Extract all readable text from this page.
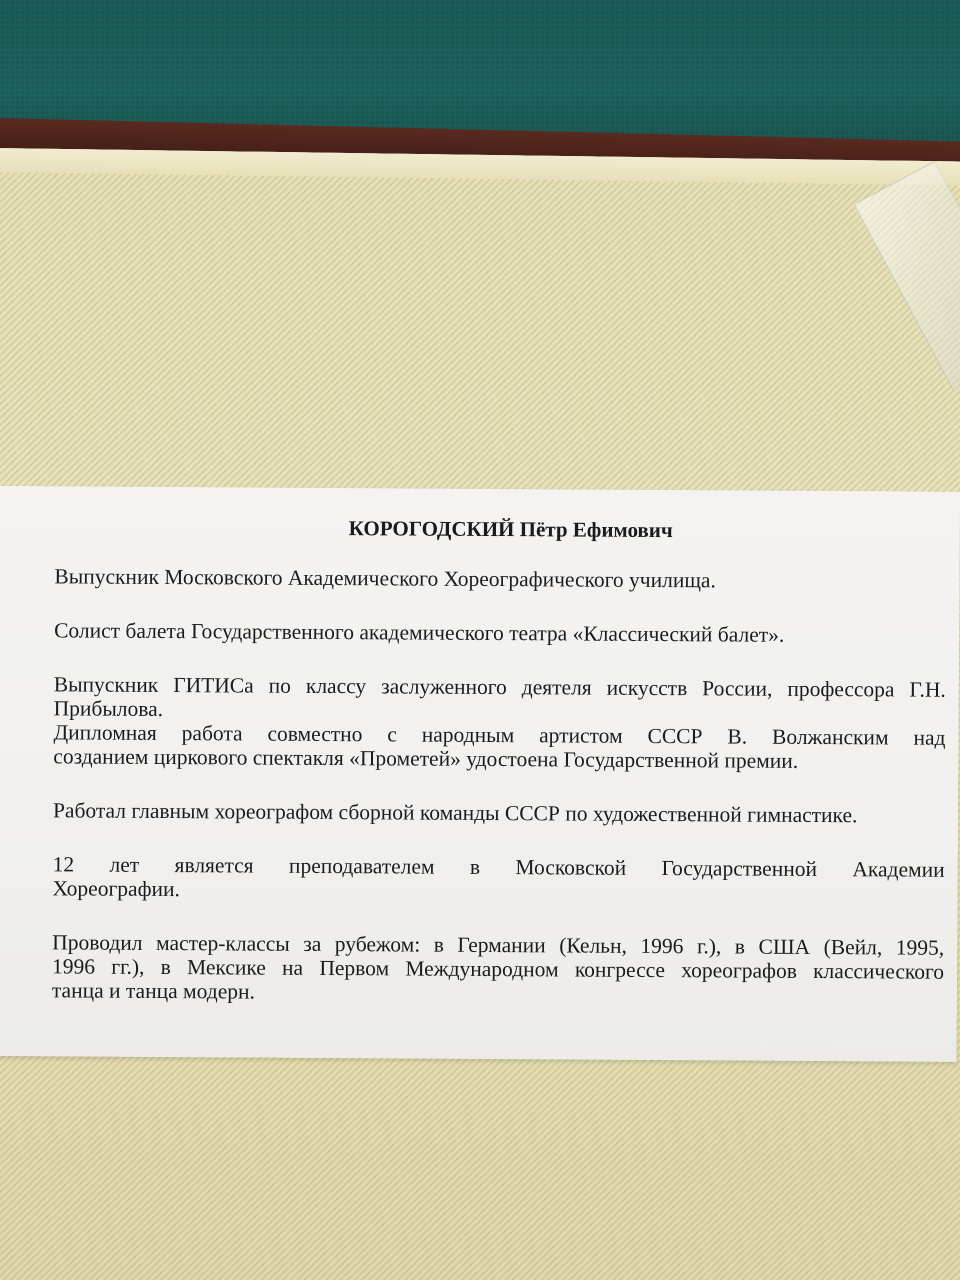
КОРОГОДСКИЙ Пётр Ефимович
Выпускник Московского Академического Хореографического училища.
Солист балета Государственного академического театра «Классический балет».
Выпускник ГИТИСа по классу заслуженного деятеля искусств России, профессора Г.Н.
Прибылова.
Дипломная работа совместно с народным артистом СССР В. Волжанским над
созданием циркового спектакля «Прометей» удостоена Государственной премии.
Работал главным хореографом сборной команды СССР по художественной гимнастике.
12 лет является преподавателем в Московской Государственной Академии
Хореографии.
Проводил мастер-классы за рубежом: в Германии (Кельн, 1996 г.), в США (Вейл, 1995,
1996 гг.), в Мексике на Первом Международном конгрессе хореографов классического
танца и танца модерн.
